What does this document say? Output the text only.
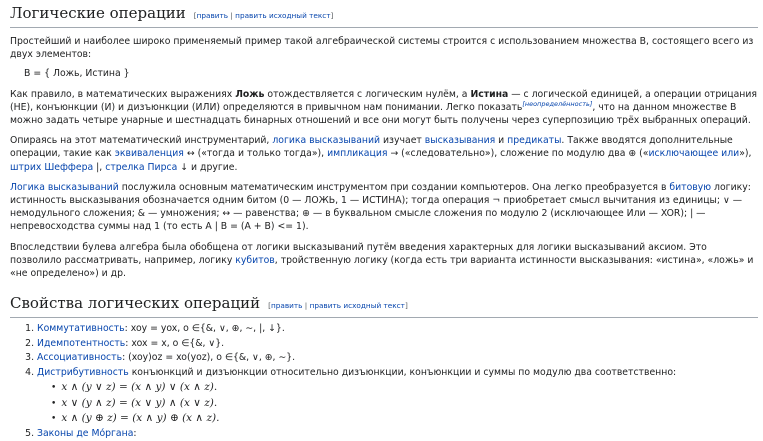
Логические операции [править | править исходный текст]

Простейший и наиболее широко применяемый пример такой алгебраической системы строится с использованием множества B, состоящего всего из двух элементов:

B = { Ложь, Истина }

Как правило, в математических выражениях Ложь отождествляется с логическим нулём, а Истина — с логической единицей, а операции отрицания (НЕ), конъюнкции (И) и дизъюнкции (ИЛИ) определяются в привычном нам понимании. Легко показать[неопределённость], что на данном множестве B можно задать четыре унарные и шестнадцать бинарных отношений и все они могут быть получены через суперпозицию трёх выбранных операций.

Опираясь на этот математический инструментарий, логика высказываний изучает высказывания и предикаты. Также вводятся дополнительные операции, такие как эквиваленция ↔ («тогда и только тогда»), импликация → («следовательно»), сложение по модулю два ⊕ («исключающее или»), штрих Шеффера |, стрелка Пирса ↓ и другие.

Логика высказываний послужила основным математическим инструментом при создании компьютеров. Она легко преобразуется в битовую логику: истинность высказывания обозначается одним битом (0 — ЛОЖЬ, 1 — ИСТИНА); тогда операция ¬ приобретает смысл вычитания из единицы; ∨ — немодульного сложения; & — умножения; ↔ — равенства; ⊕ — в буквальном смысле сложения по модулю 2 (исключающее Или — XOR); | — непревосходства суммы над 1 (то есть A | B = (A + B) <= 1).

Впоследствии булева алгебра была обобщена от логики высказываний путём введения характерных для логики высказываний аксиом. Это позволило рассматривать, например, логику кубитов, тройственную логику (когда есть три варианта истинности высказывания: «истина», «ложь» и «не определено») и др.

Свойства логических операций [править | править исходный текст]
1. Коммутативность: xoy = yox, o ∈{&, ∨, ⊕, ∼, |, ↓}.
2. Идемпотентность: xox = x, o ∈{&, ∨}.
3. Ассоциативность: (xoy)oz = xo(yoz), o ∈{&, ∨, ⊕, ∼}.
4. Дистрибутивность конъюнкций и дизъюнкции относительно дизъюнкции, конъюнкции и суммы по модулю два соответственно:
• x ∧ (y ∨ z) = (x ∧ y) ∨ (x ∧ z).
• x ∨ (y ∧ z) = (x ∨ y) ∧ (x ∨ z).
• x ∧ (y ⊕ z) = (x ∧ y) ⊕ (x ∧ z).
5. Законы де Мо́ргана:
